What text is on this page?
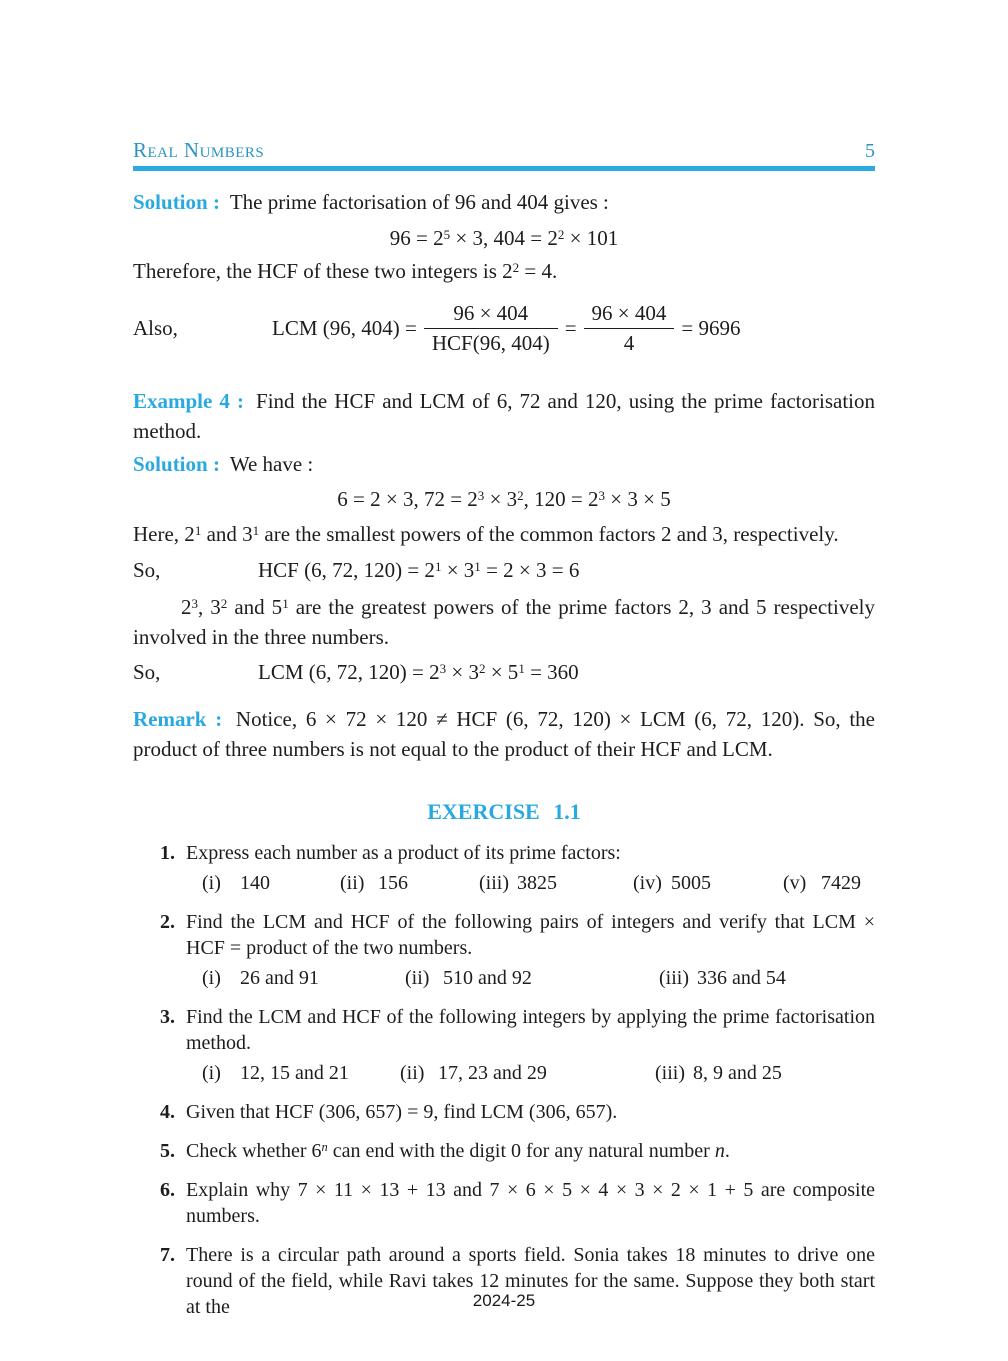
Real Numbers	5

Solution : The prime factorisation of 96 and 404 gives :

$96 = 2^5 \times 3$, $404 = 2^2 \times 101$

Therefore, the HCF of these two integers is $2^2 = 4$.

Also,	LCM (96, $404) = \frac{96 \times 404}{\text{HCF(96, 404)}} = \frac{96 \times 404}{4} = 9696$

Example 4 : Find the HCF and LCM of 6, 72 and 120, using the prime factorisation method.

Solution : We have :

6 = 2 × 3, $72 = 2^3 \times 3^2$, $120 = 2^3 \times 3 \times 5$

Here, $2^1$ and $3^1$ are the smallest powers of the common factors 2 and 3, respectively.

So,	HCF (6, 72, $120) = 2^1 \times 3^1 = 2 \times 3 = 6$

$2^3$, $3^2$ and $5^1$ are the greatest powers of the prime factors 2, 3 and 5 respectively involved in the three numbers.

So,	LCM (6, 72, $120) = 2^3 \times 3^2 \times 5^1 = 360$

Remark : Notice, 6 × 72 × 120 ≠ HCF (6, 72, 120) × LCM (6, 72, 120). So, the product of three numbers is not equal to the product of their HCF and LCM.

EXERCISE 1.1
1. Express each number as a product of its prime factors:

(i) 140	(ii) 156	(iii) 3825	(iv) 5005	(v) 7429
2. Find the LCM and HCF of the following pairs of integers and verify that LCM × HCF = product of the two numbers.

(i) 26 and 91	(ii) 510 and 92	(iii) 336 and 54
3. Find the LCM and HCF of the following integers by applying the prime factorisation method.

(i) 12, 15 and 21	(ii) 17, 23 and 29	(iii) 8, 9 and 25
4. Given that HCF (306, 657) = 9, find LCM (306, 657).

5. Check whether 6$^n$ can end with the digit 0 for any natural number n.

6. Explain why 7 × 11 × 13 + 13 and 7 × 6 × 5 × 4 × 3 × 2 × 1 + 5 are composite numbers.

7. There is a circular path around a sports field. Sonia takes 18 minutes to drive one round of the field, while Ravi takes 12 minutes for the same. Suppose they both start at the	2024-25
